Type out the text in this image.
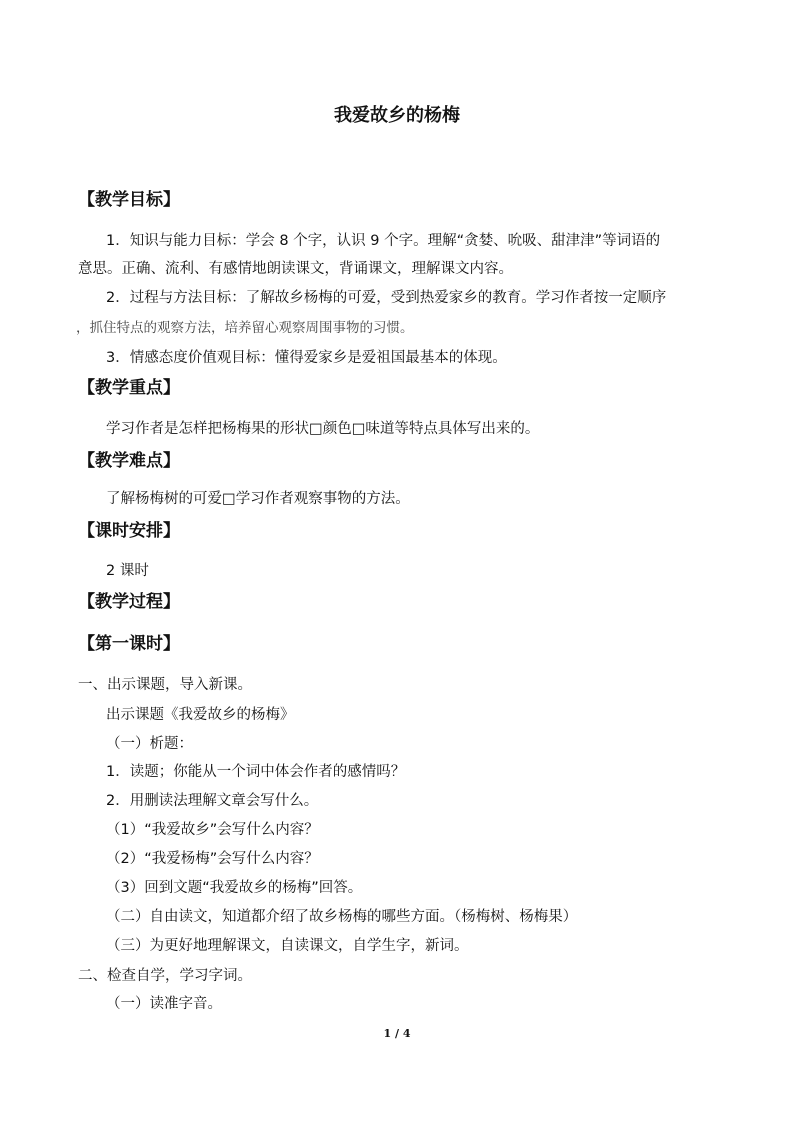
我爱故乡的杨梅
【教学目标】
1．知识与能力目标：学会 8 个字，认识 9 个字。理解“贪婪、吮吸、甜津津”等词语的
意思。正确、流利、有感情地朗读课文，背诵课文，理解课文内容。
2．过程与方法目标：了解故乡杨梅的可爱，受到热爱家乡的教育。学习作者按一定顺序
，抓住特点的观察方法，培养留心观察周围事物的习惯。
3．情感态度价值观目标：懂得爱家乡是爱祖国最基本的体现。
【教学重点】
学习作者是怎样把杨梅果的形状□颜色□味道等特点具体写出来的。
【教学难点】
了解杨梅树的可爱□学习作者观察事物的方法。
【课时安排】
2 课时
【教学过程】
【第一课时】
一、出示课题，导入新课。
出示课题《我爱故乡的杨梅》
（一）析题：
1．读题；你能从一个词中体会作者的感情吗？
2．用删读法理解文章会写什么。
（1）“我爱故乡”会写什么内容？
（2）“我爱杨梅”会写什么内容？
（3）回到文题“我爱故乡的杨梅”回答。
（二）自由读文，知道都介绍了故乡杨梅的哪些方面。（杨梅树、杨梅果）
（三）为更好地理解课文，自读课文，自学生字，新词。
二、检查自学，学习字词。
（一）读准字音。
1 / 4
